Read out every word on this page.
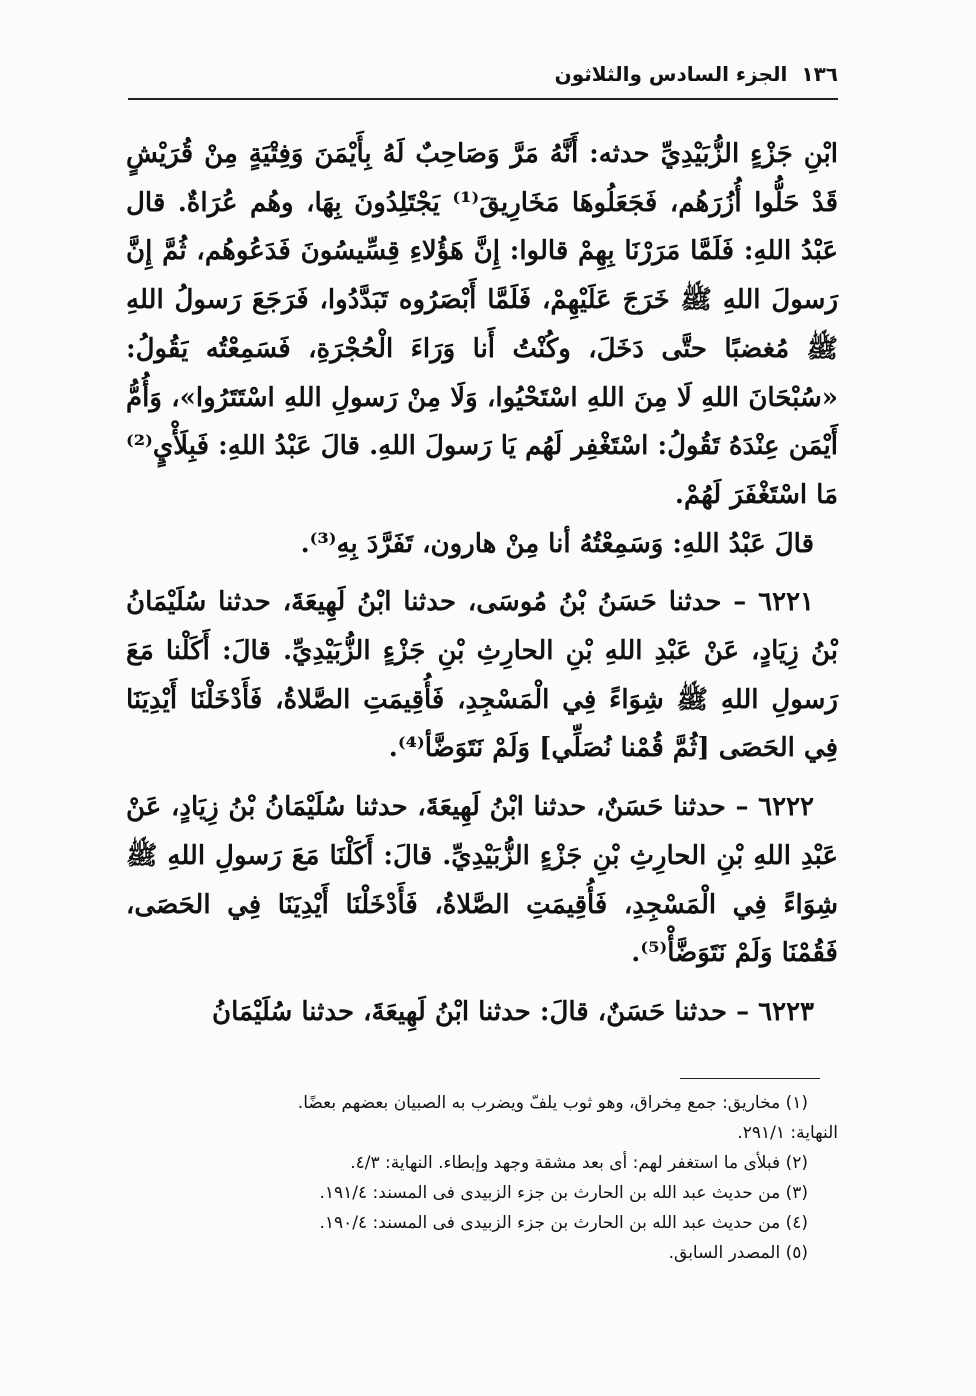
١٣٦
الجزء السادس والثلاثون

ابْنِ جَزْءٍ الزُّبَيْدِيِّ حدثه: أَنَّهُ مَرَّ وَصَاحِبٌ لَهُ بِأَيْمَنَ وَفِتْيَةٍ مِنْ قُرَيْشٍ قَدْ حَلُّوا أُزُرَهُم، فَجَعَلُوهَا مَخَارِيقَ⁽¹⁾ يَجْتَلِدُونَ بِهَا، وهُم عُرَاةٌ. قال عَبْدُ اللهِ: فَلَمَّا مَرَرْنَا بِهِمْ قالوا: إِنَّ هَؤُلاءِ قِسِّيسُونَ فَدَعُوهُم، ثُمَّ إِنَّ رَسولَ اللهِ ﷺ خَرَجَ عَلَيْهِمْ، فَلَمَّا أَبْصَرُوه تَبَدَّدُوا، فَرَجَعَ رَسولُ اللهِ ﷺ مُغضبًا حتَّى دَخَلَ، وكُنْتُ أَنا وَرَاءَ الْحُجْرَةِ، فَسَمِعْتُه يَقُولُ: «سُبْحَانَ اللهِ لَا مِنَ اللهِ اسْتَحْيُوا، وَلَا مِنْ رَسولِ اللهِ اسْتَتَرُوا»، وَأُمُّ أَيْمَن عِنْدَهُ تَقُولُ: اسْتَغْفِر لَهُم يَا رَسولَ اللهِ. قالَ عَبْدُ اللهِ: فَبِلَأْيٍ⁽²⁾ مَا اسْتَغْفَرَ لَهُمْ.

قالَ عَبْدُ اللهِ: وَسَمِعْتُهُ أنا مِنْ هارون، تَفَرَّدَ بِهِ⁽³⁾.

٦٢٢١ – حدثنا حَسَنُ بْنُ مُوسَى، حدثنا ابْنُ لَهِيعَةَ، حدثنا سُلَيْمَانُ بْنُ زِيَادٍ، عَنْ عَبْدِ اللهِ بْنِ الحارِثِ بْنِ جَزْءٍ الزُّبَيْدِيِّ. قالَ: أَكَلْنا مَعَ رَسولِ اللهِ ﷺ شِوَاءً فِي الْمَسْجِدِ، فَأُقِيمَتِ الصَّلاةُ، فَأَدْخَلْنَا أَيْدِيَنَا فِي الحَصَى [ثُمَّ قُمْنا نُصَلِّي] وَلَمْ نَتَوَضَّأ⁽⁴⁾.

٦٢٢٢ – حدثنا حَسَنٌ، حدثنا ابْنُ لَهِيعَةَ، حدثنا سُلَيْمَانُ بْنُ زِيَادٍ، عَنْ عَبْدِ اللهِ بْنِ الحارِثِ بْنِ جَزْءٍ الزُّبَيْدِيِّ. قالَ: أَكَلْنَا مَعَ رَسولِ اللهِ ﷺ شِوَاءً فِي الْمَسْجِدِ، فَأُقِيمَتِ الصَّلاةُ، فَأَدْخَلْنَا أَيْدِيَنَا فِي الحَصَى، فَقُمْنَا وَلَمْ نَتَوَضَّأْ⁽⁵⁾.

٦٢٢٣ – حدثنا حَسَنٌ، قالَ: حدثنا ابْنُ لَهِيعَةَ، حدثنا سُلَيْمَانُ

(١) مخاريق: جمع مِخراق، وهو ثوب يلفّ ويضرب به الصبيان بعضهم بعضًا.

النهاية: ٢٩١/١.

(٢) فبلأى ما استغفر لهم: أى بعد مشقة وجهد وإبطاء. النهاية: ٤/٣.

(٣) من حديث عبد الله بن الحارث بن جزء الزبيدى فى المسند: ١٩١/٤.

(٤) من حديث عبد الله بن الحارث بن جزء الزبيدى فى المسند: ١٩٠/٤.

(٥) المصدر السابق.
